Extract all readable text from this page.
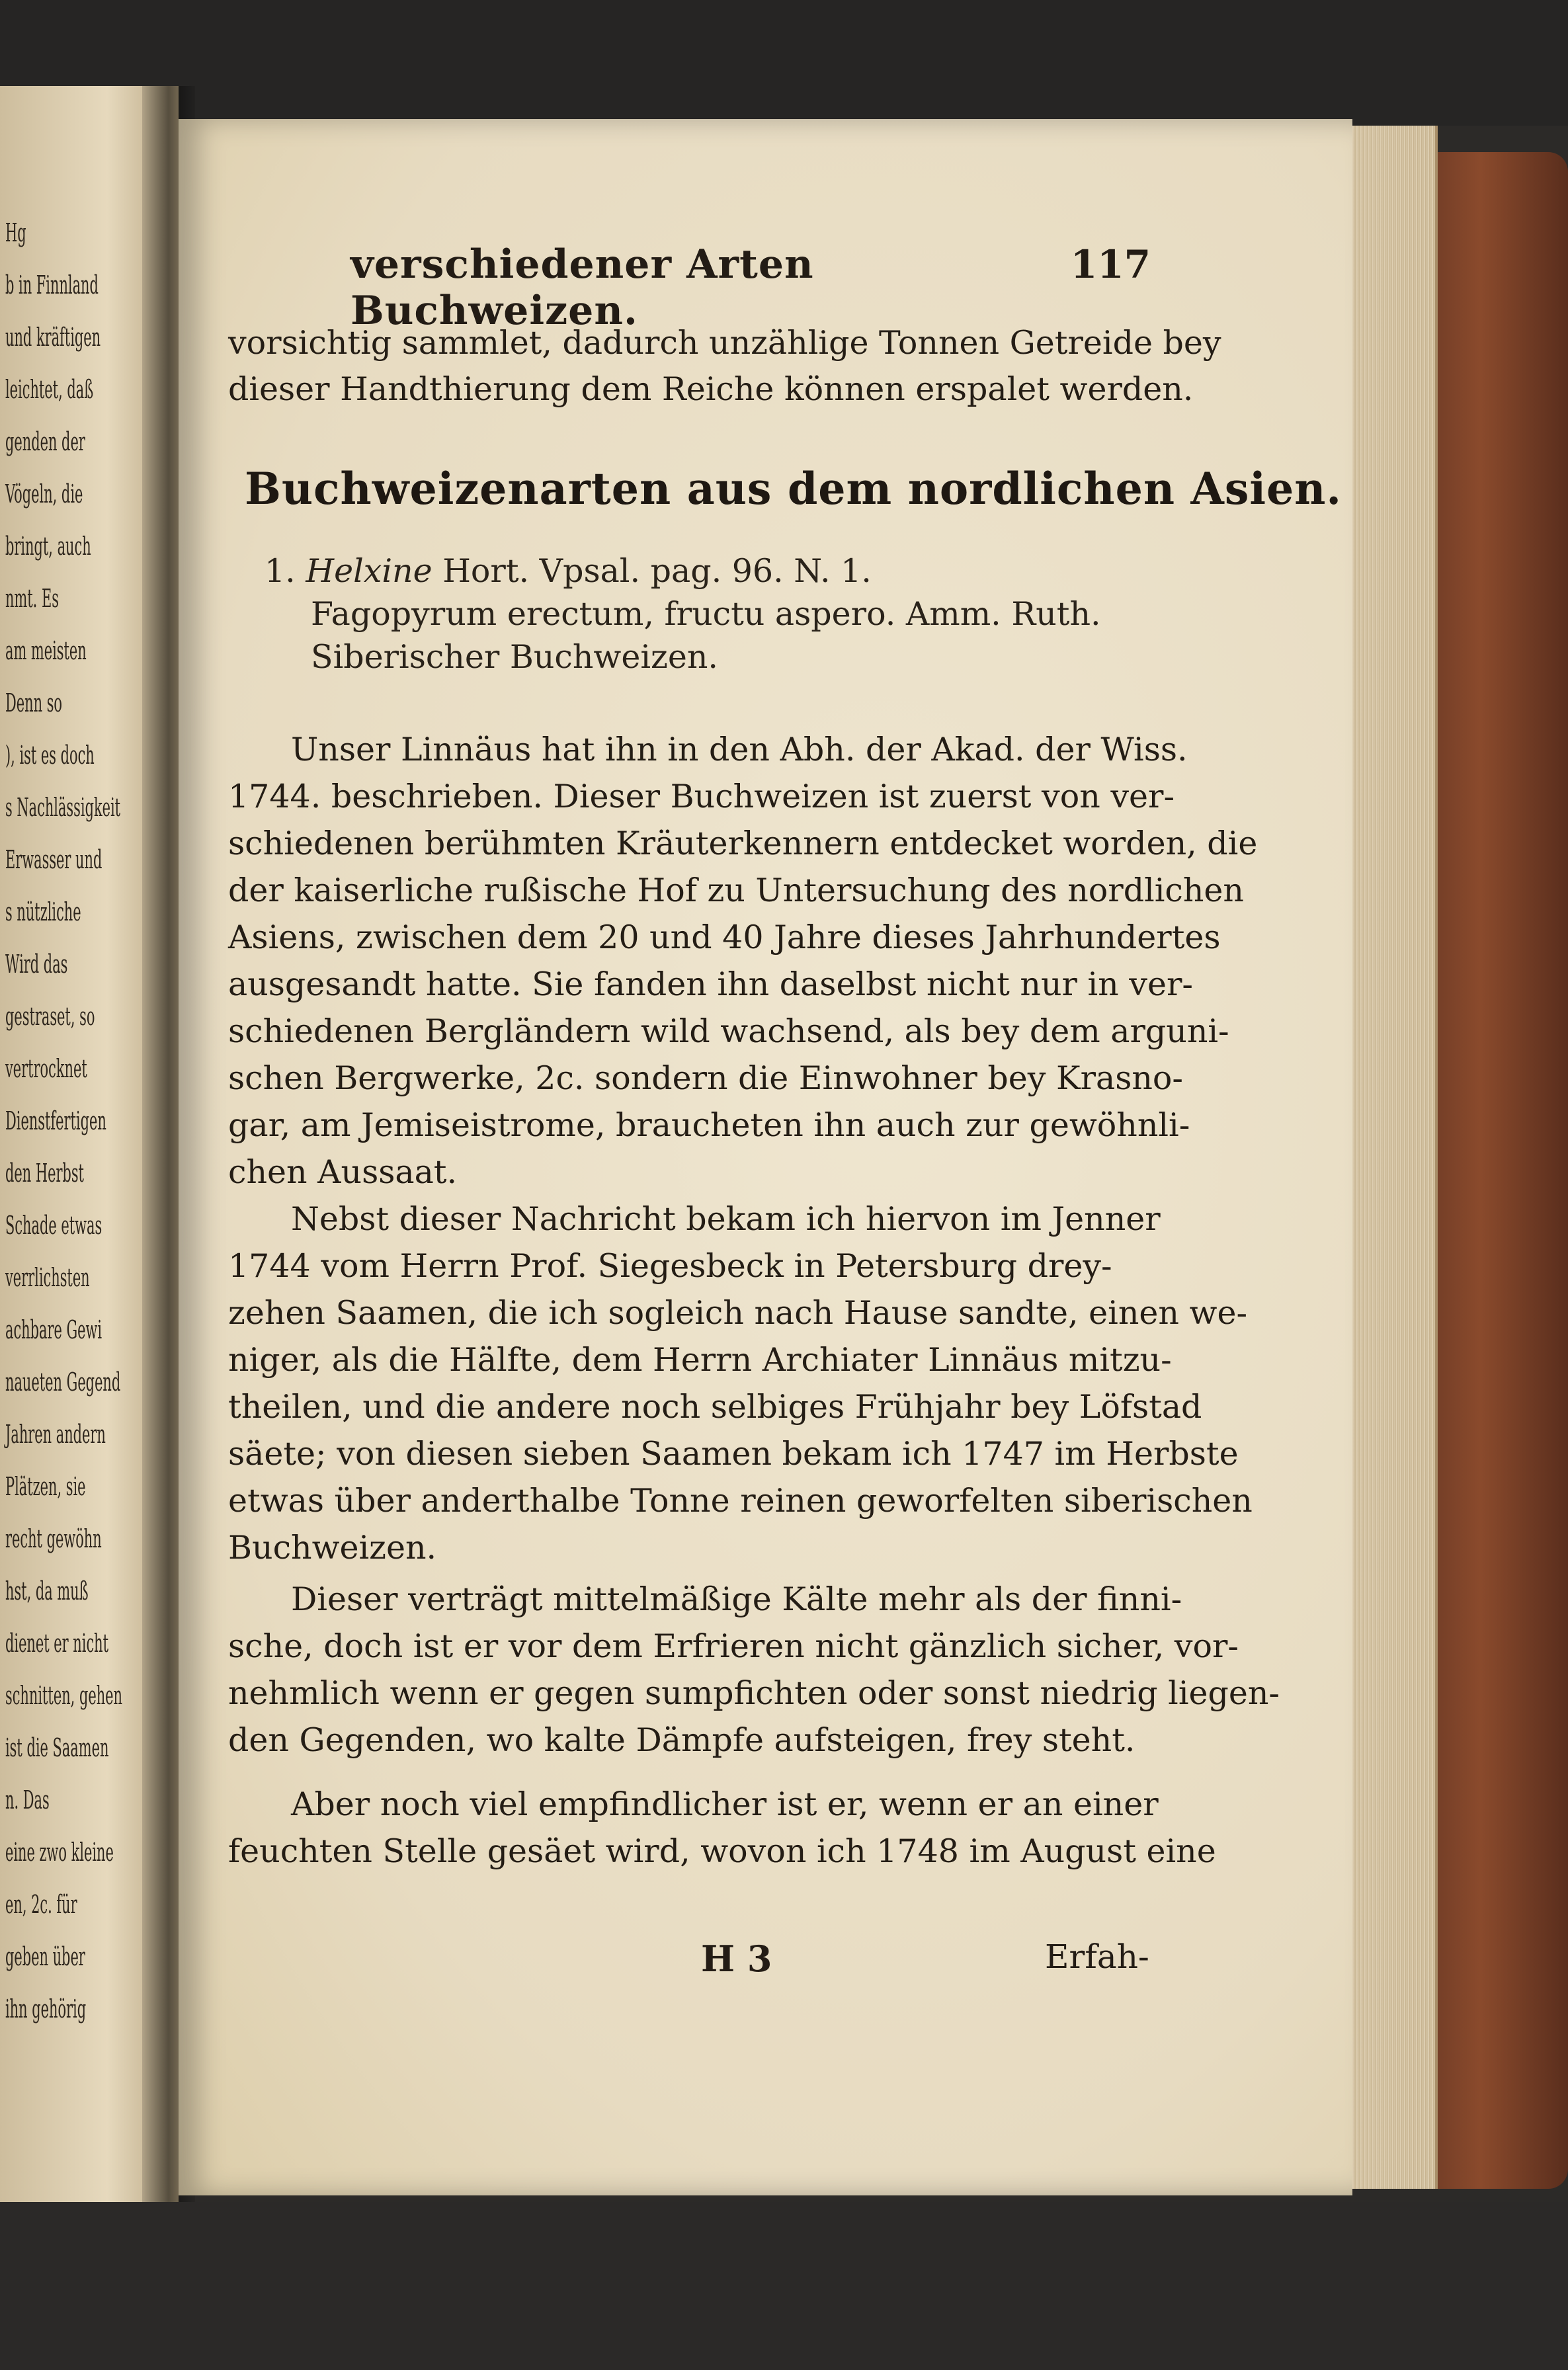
Hg
b in Finnland
und kräftigen
leichtet, daß
genden der
Vögeln, die
bringt, auch
nmt. Es
am meisten
Denn so
), ist es doch
s Nachlässigkeit
Erwasser und
s nützliche
Wird das
gestraset, so
vertrocknet
Dienstfertigen
den Herbst
Schade etwas
verrlichsten
achbare Gewi
naueten Gegend
Jahren andern
Plätzen, sie
recht gewöhn
hst, da muß
dienet er nicht
schnitten, gehen
ist die Saamen
n. Das
eine zwo kleine
en, 2c. für
geben über
ihn gehörig
verschiedener Arten Buchweizen.
117
vorsichtig sammlet, dadurch unzählige Tonnen Getreide bey
dieser Handthierung dem Reiche können erspalet werden.
Buchweizenarten aus dem nordlichen Asien.
1. Helxine Hort. Vpsal. pag. 96. N. 1.
Fagopyrum erectum, fructu aspero. Amm. Ruth.
Siberischer Buchweizen.
Unser Linnäus hat ihn in den Abh. der Akad. der Wiss.
1744. beschrieben. Dieser Buchweizen ist zuerst von ver-
schiedenen berühmten Kräuterkennern entdecket worden, die
der kaiserliche rußische Hof zu Untersuchung des nordlichen
Asiens, zwischen dem 20 und 40 Jahre dieses Jahrhundertes
ausgesandt hatte. Sie fanden ihn daselbst nicht nur in ver-
schiedenen Bergländern wild wachsend, als bey dem arguni-
schen Bergwerke, 2c. sondern die Einwohner bey Krasno-
gar, am Jemiseistrome, braucheten ihn auch zur gewöhnli-
chen Aussaat.
Nebst dieser Nachricht bekam ich hiervon im Jenner
1744 vom Herrn Prof. Siegesbeck in Petersburg drey-
zehen Saamen, die ich sogleich nach Hause sandte, einen we-
niger, als die Hälfte, dem Herrn Archiater Linnäus mitzu-
theilen, und die andere noch selbiges Frühjahr bey Löfstad
säete; von diesen sieben Saamen bekam ich 1747 im Herbste
etwas über anderthalbe Tonne reinen geworfelten siberischen
Buchweizen.
Dieser verträgt mittelmäßige Kälte mehr als der finni-
sche, doch ist er vor dem Erfrieren nicht gänzlich sicher, vor-
nehmlich wenn er gegen sumpfichten oder sonst niedrig liegen-
den Gegenden, wo kalte Dämpfe aufsteigen, frey steht.
Aber noch viel empfindlicher ist er, wenn er an einer
feuchten Stelle gesäet wird, wovon ich 1748 im August eine
H 3	Erfah-
